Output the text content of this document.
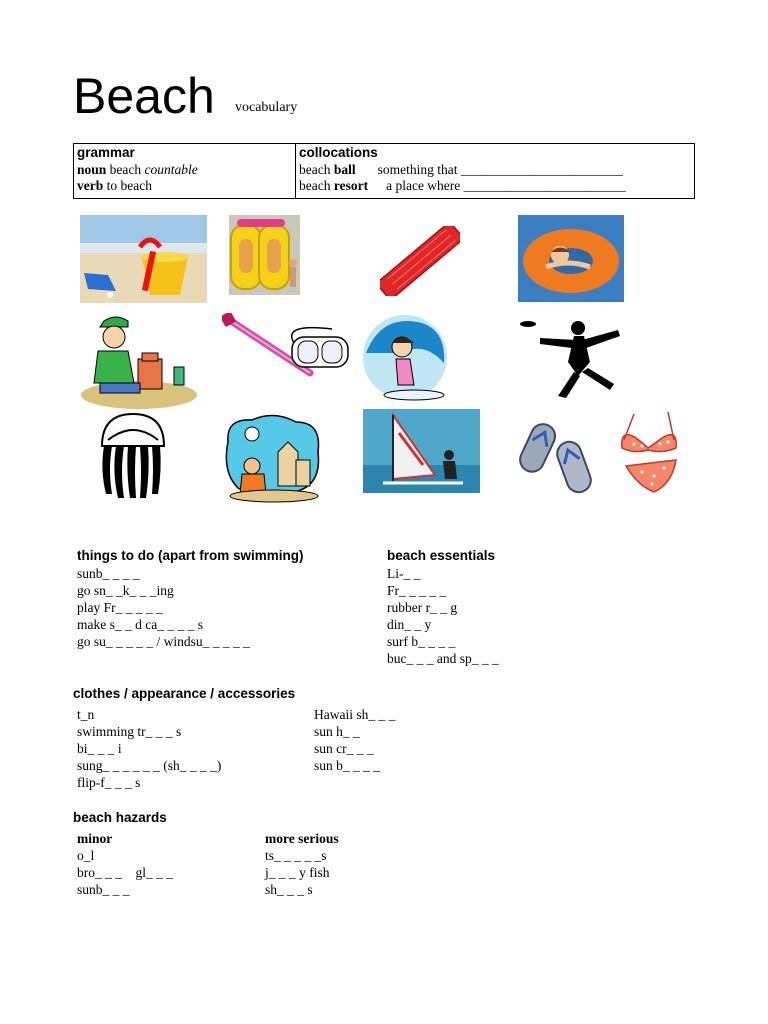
Beach vocabulary
grammar
noun beach countable
verb to beach
collocations
beach ball something that ________________________
beach resort a place where ________________________
things to do (apart from swimming)
sunb_ _ _ _
go sn_ _k_ _ _ing
play Fr_ _ _ _ _
make s_ _ d ca_ _ _ _ s
go su_ _ _ _ _ / windsu_ _ _ _ _
beach essentials
Li-_ _
Fr_ _ _ _ _
rubber r_ _ g
din_ _ y
surf b_ _ _ _
buc_ _ _ and sp_ _ _
clothes / appearance / accessories
t_n
swimming tr_ _ _ s
bi_ _ _ i
sung_ _ _ _ _ _ (sh_ _ _ _)
flip-f_ _ _ s
Hawaii sh_ _ _
sun h_ _
sun cr_ _ _
sun b_ _ _ _
beach hazards
minor
o_l
bro_ _ _    gl_ _ _
sunb_ _ _
more serious
ts_ _ _ _ _s
j_ _ _ y fish
sh_ _ _ s
